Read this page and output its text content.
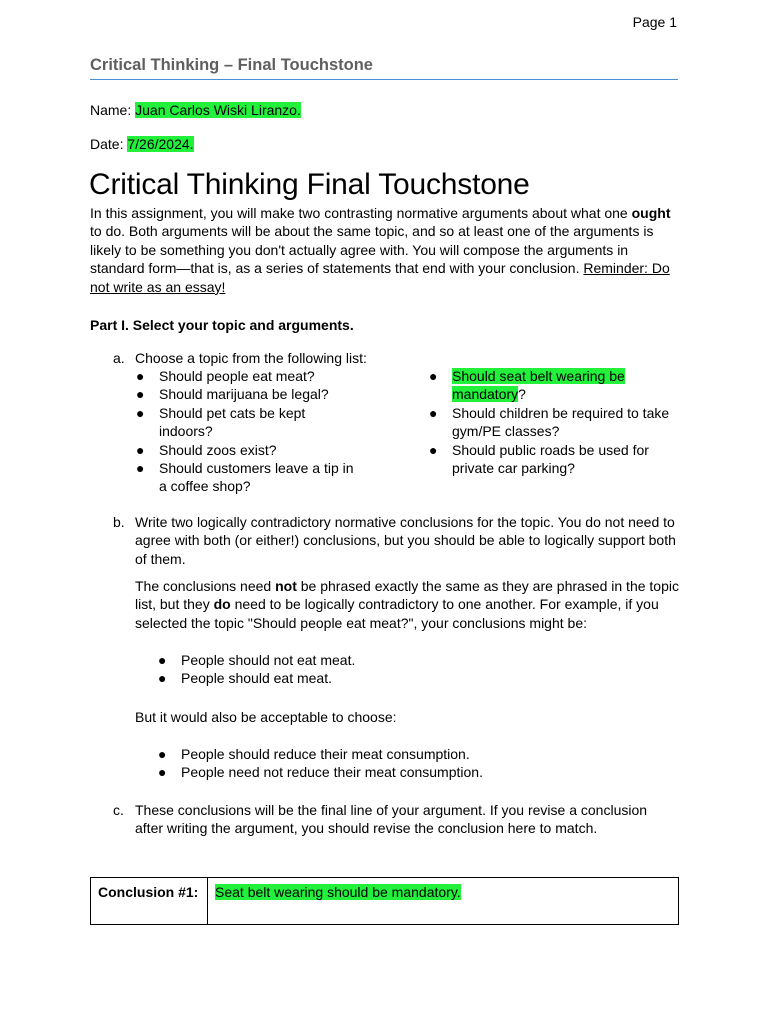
Page 1
Critical Thinking – Final Touchstone
Name: Juan Carlos Wiski Liranzo.
Date: 7/26/2024.
Critical Thinking Final Touchstone

In this assignment, you will make two contrasting normative arguments about what one ought to do. Both arguments will be about the same topic, and so at least one of the arguments is likely to be something you don't actually agree with. You will compose the arguments in standard form—that is, as a series of statements that end with your conclusion. Reminder: Do not write as an essay!

Part I. Select your topic and arguments.
a. Choose a topic from the following list:
● Should people eat meat?
● Should marijuana be legal?
● Should pet cats be kept indoors?
● Should zoos exist?
● Should customers leave a tip in a coffee shop?
● Should seat belt wearing be mandatory?
● Should children be required to take gym/PE classes?
● Should public roads be used for private car parking?
b. Write two logically contradictory normative conclusions for the topic. You do not need to agree with both (or either!) conclusions, but you should be able to logically support both of them.

The conclusions need not be phrased exactly the same as they are phrased in the topic list, but they do need to be logically contradictory to one another. For example, if you selected the topic "Should people eat meat?", your conclusions might be:

● People should not eat meat.
● People should eat meat.

But it would also be acceptable to choose:

● People should reduce their meat consumption.
● People need not reduce their meat consumption.
c. These conclusions will be the final line of your argument. If you revise a conclusion after writing the argument, you should revise the conclusion here to match.
Conclusion #1:	Seat belt wearing should be mandatory.
